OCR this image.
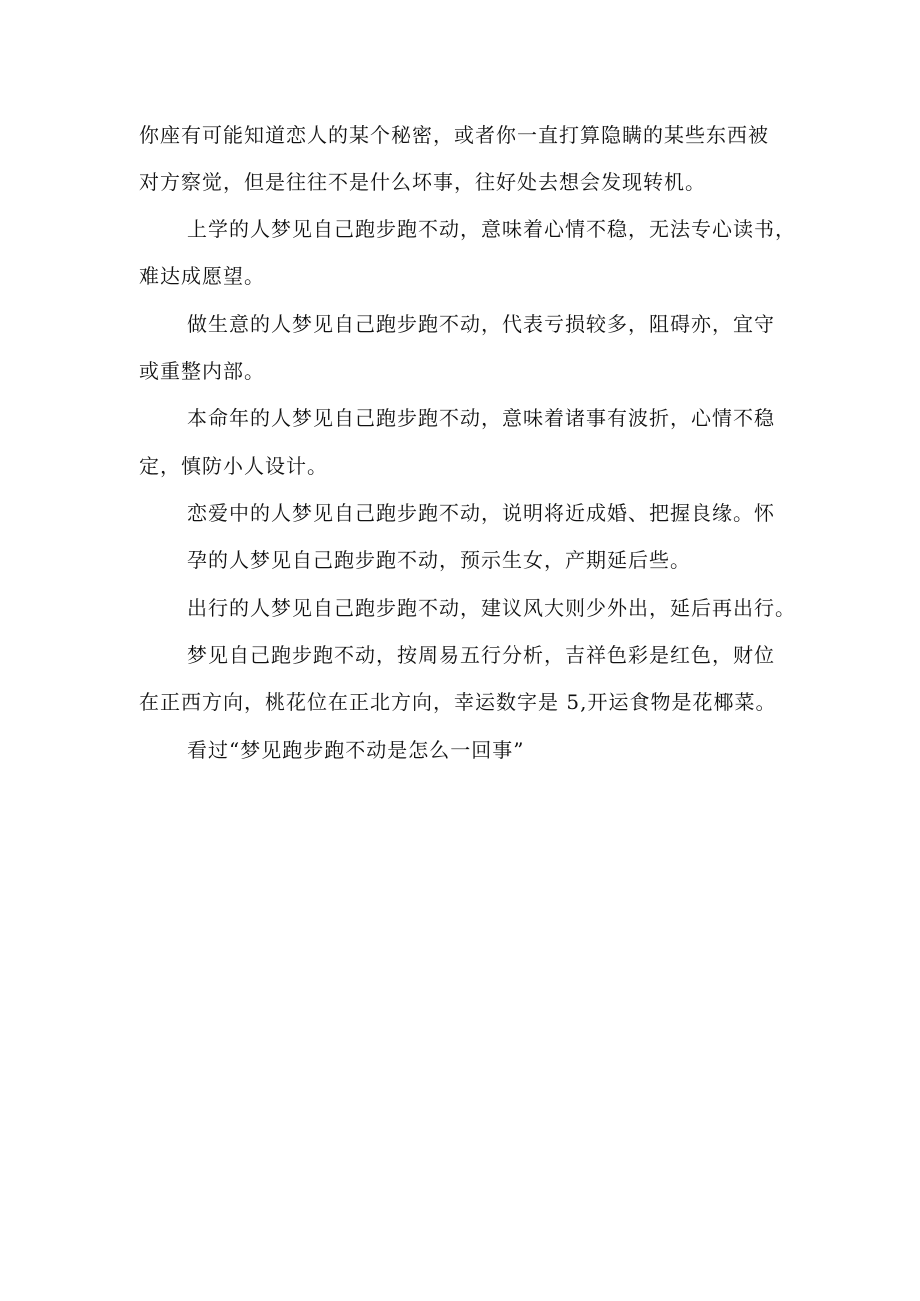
你座有可能知道恋人的某个秘密，或者你一直打算隐瞒的某些东西被
对方察觉，但是往往不是什么坏事，往好处去想会发现转机。
上学的人梦见自己跑步跑不动，意味着心情不稳，无法专心读书，
难达成愿望。
做生意的人梦见自己跑步跑不动，代表亏损较多，阻碍亦，宜守
或重整内部。
本命年的人梦见自己跑步跑不动，意味着诸事有波折，心情不稳
定，慎防小人设计。
恋爱中的人梦见自己跑步跑不动，说明将近成婚、把握良缘。怀
孕的人梦见自己跑步跑不动，预示生女，产期延后些。
出行的人梦见自己跑步跑不动，建议风大则少外出，延后再出行。
梦见自己跑步跑不动，按周易五行分析，吉祥色彩是红色，财位
在正西方向，桃花位在正北方向，幸运数字是 5,开运食物是花椰菜。
看过“梦见跑步跑不动是怎么一回事”
